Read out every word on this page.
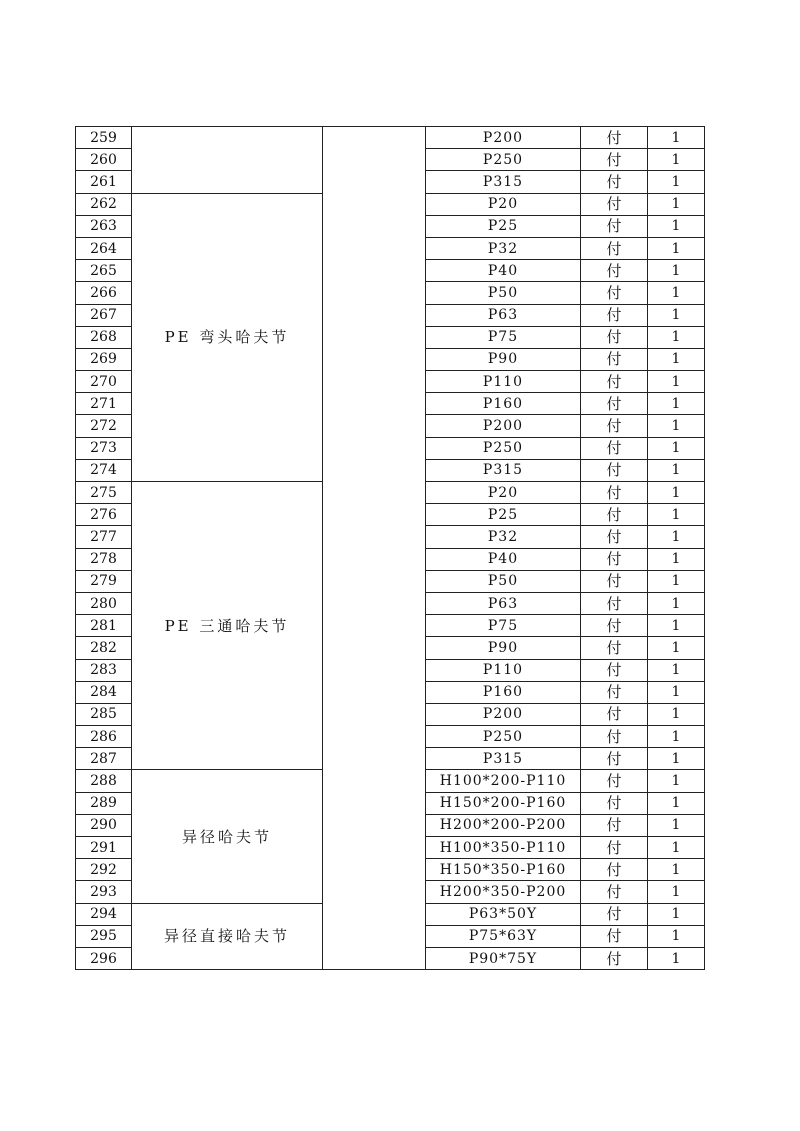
259			P200	付	1
260			P250	付	1
261			P315	付	1
262	PE 弯头哈夫节		P20	付	1
263			P25	付	1
264			P32	付	1
265			P40	付	1
266			P50	付	1
267			P63	付	1
268			P75	付	1
269			P90	付	1
270			P110	付	1
271			P160	付	1
272			P200	付	1
273			P250	付	1
274			P315	付	1
275	PE 三通哈夫节		P20	付	1
276			P25	付	1
277			P32	付	1
278			P40	付	1
279			P50	付	1
280			P63	付	1
281			P75	付	1
282			P90	付	1
283			P110	付	1
284			P160	付	1
285			P200	付	1
286			P250	付	1
287			P315	付	1
288	异径哈夫节		H100*200-P110	付	1
289			H150*200-P160	付	1
290			H200*200-P200	付	1
291			H100*350-P110	付	1
292			H150*350-P160	付	1
293			H200*350-P200	付	1
294	异径直接哈夫节		P63*50Y	付	1
295			P75*63Y	付	1
296			P90*75Y	付	1
